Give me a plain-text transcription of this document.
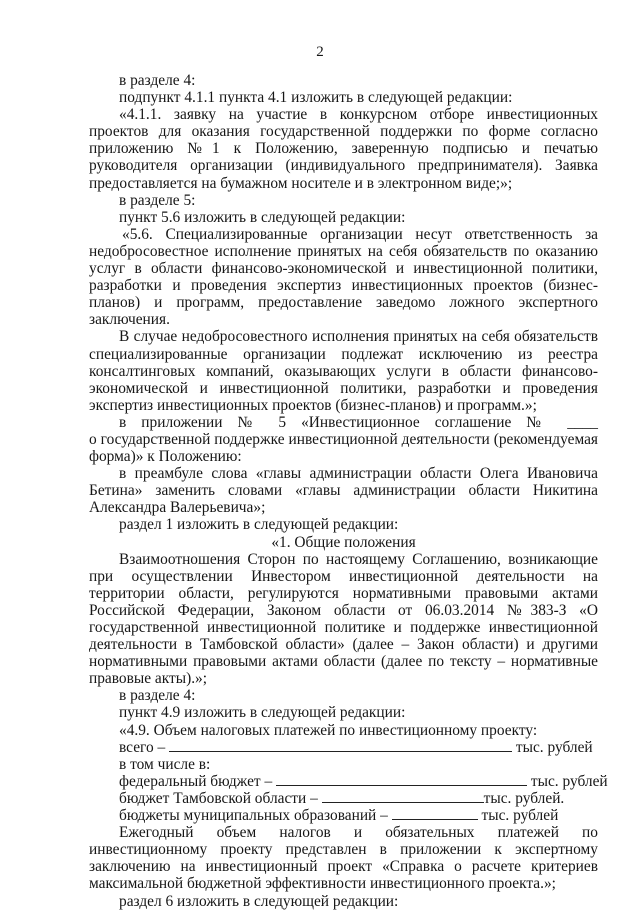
2
в разделе 4:
подпункт 4.1.1 пункта 4.1 изложить в следующей редакции:
«4.1.1. заявку на участие в конкурсном отборе инвестиционных проектов для оказания государственной поддержки по форме согласно приложению №1 к Положению, заверенную подписью и печатью руководителя организации (индивидуального предпринимателя). Заявка предоставляется на бумажном носителе и в электронном виде;»;
в разделе 5:
пункт 5.6 изложить в следующей редакции:
«5.6. Специализированные организации несут ответственность за недобросовестное исполнение принятых на себя обязательств по оказанию услуг в области финансово-экономической и инвестиционной политики, разработки и проведения экспертиз инвестиционных проектов (бизнес-планов) и программ, предоставление заведомо ложного экспертного заключения.
В случае недобросовестного исполнения принятых на себя обязательств специализированные организации подлежат исключению из реестра консалтинговых компаний, оказывающих услуги в области финансово-экономической и инвестиционной политики, разработки и проведения экспертиз инвестиционных проектов (бизнес-планов) и программ.»;
в приложении № 5 «Инвестиционное соглашение № ____
о государственной поддержке инвестиционной деятельности (рекомендуемая форма)» к Положению:
в преамбуле слова «главы администрации области Олега Ивановича Бетина» заменить словами «главы администрации области Никитина Александра Валерьевича»;
раздел 1 изложить в следующей редакции:
«1. Общие положения
Взаимоотношения Сторон по настоящему Соглашению, возникающие при осуществлении Инвестором инвестиционной деятельности на территории области, регулируются нормативными правовыми актами Российской Федерации, Законом области от 06.03.2014 №383-З «О государственной инвестиционной политике и поддержке инвестиционной деятельности в Тамбовской области» (далее – Закон области) и другими нормативными правовыми актами области (далее по тексту – нормативные правовые акты).»;
в разделе 4:
пункт 4.9 изложить в следующей редакции:
«4.9. Объем налоговых платежей по инвестиционному проекту:
всего –	тыс. рублей
в том числе в:
федеральный бюджет –	тыс. рублей
бюджет Тамбовской области –	тыс. рублей.
бюджеты муниципальных образований –	тыс. рублей
Ежегодный объем налогов и обязательных платежей по инвестиционному проекту представлен в приложении к экспертному заключению на инвестиционный проект «Справка о расчете критериев максимальной бюджетной эффективности инвестиционного проекта.»;
раздел 6 изложить в следующей редакции:
